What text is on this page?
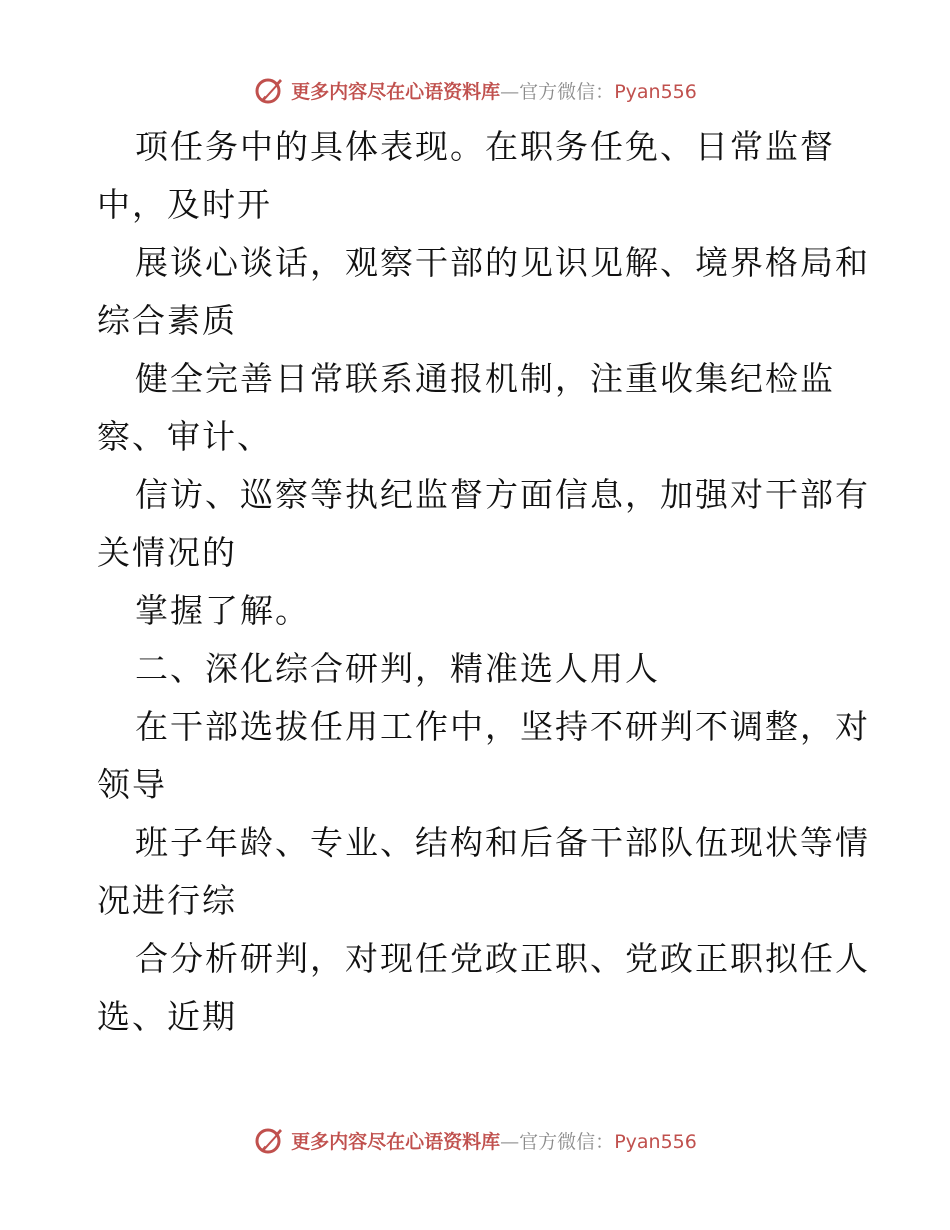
更多内容尽在心语资料库—官方微信：Pyan556
项任务中的具体表现。在职务任免、日常监督
中，及时开
展谈心谈话，观察干部的见识见解、境界格局和
综合素质
健全完善日常联系通报机制，注重收集纪检监
察、审计、
信访、巡察等执纪监督方面信息，加强对干部有
关情况的
掌握了解。
二、深化综合研判，精准选人用人
在干部选拔任用工作中，坚持不研判不调整，对
领导
班子年龄、专业、结构和后备干部队伍现状等情
况进行综
合分析研判，对现任党政正职、党政正职拟任人
选、近期
更多内容尽在心语资料库—官方微信：Pyan556
